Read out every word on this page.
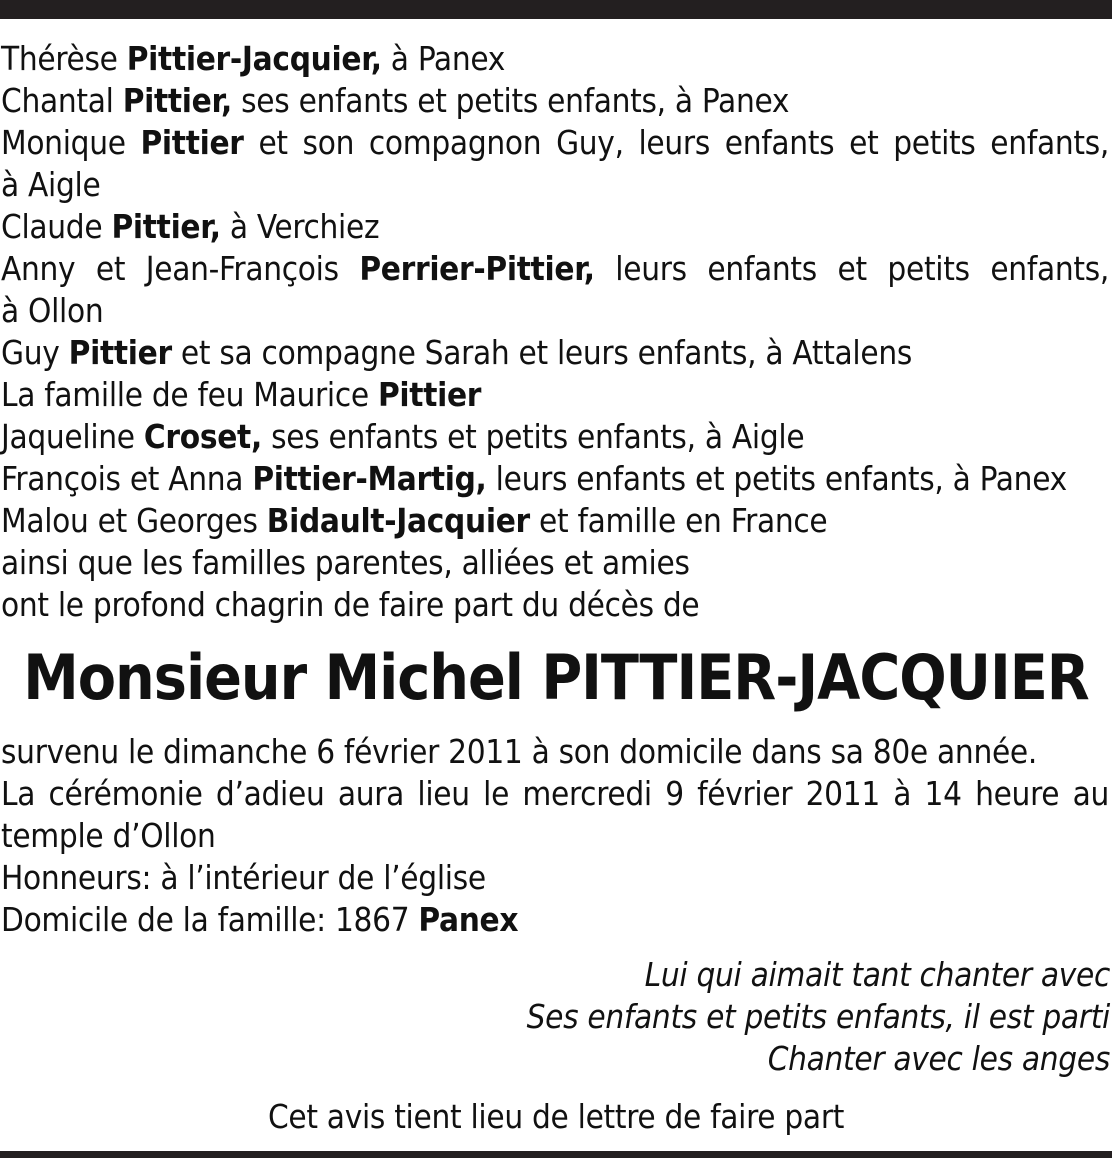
Thérèse Pittier-Jacquier, à Panex
Chantal Pittier, ses enfants et petits enfants, à Panex
Monique Pittier et son compagnon Guy, leurs enfants et petits enfants,
à Aigle
Claude Pittier, à Verchiez
Anny et Jean-François Perrier-Pittier, leurs enfants et petits enfants,
à Ollon
Guy Pittier et sa compagne Sarah et leurs enfants, à Attalens
La famille de feu Maurice Pittier
Jaqueline Croset, ses enfants et petits enfants, à Aigle
François et Anna Pittier-Martig, leurs enfants et petits enfants, à Panex
Malou et Georges Bidault-Jacquier et famille en France
ainsi que les familles parentes, alliées et amies
ont le profond chagrin de faire part du décès de
Monsieur Michel PITTIER-JACQUIER
survenu le dimanche 6 février 2011 à son domicile dans sa 80e année.
La cérémonie d’adieu aura lieu le mercredi 9 février 2011 à 14 heure au
temple d’Ollon
Honneurs: à l’intérieur de l’église
Domicile de la famille: 1867 Panex
Lui qui aimait tant chanter avec
Ses enfants et petits enfants, il est parti
Chanter avec les anges
Cet avis tient lieu de lettre de faire part
